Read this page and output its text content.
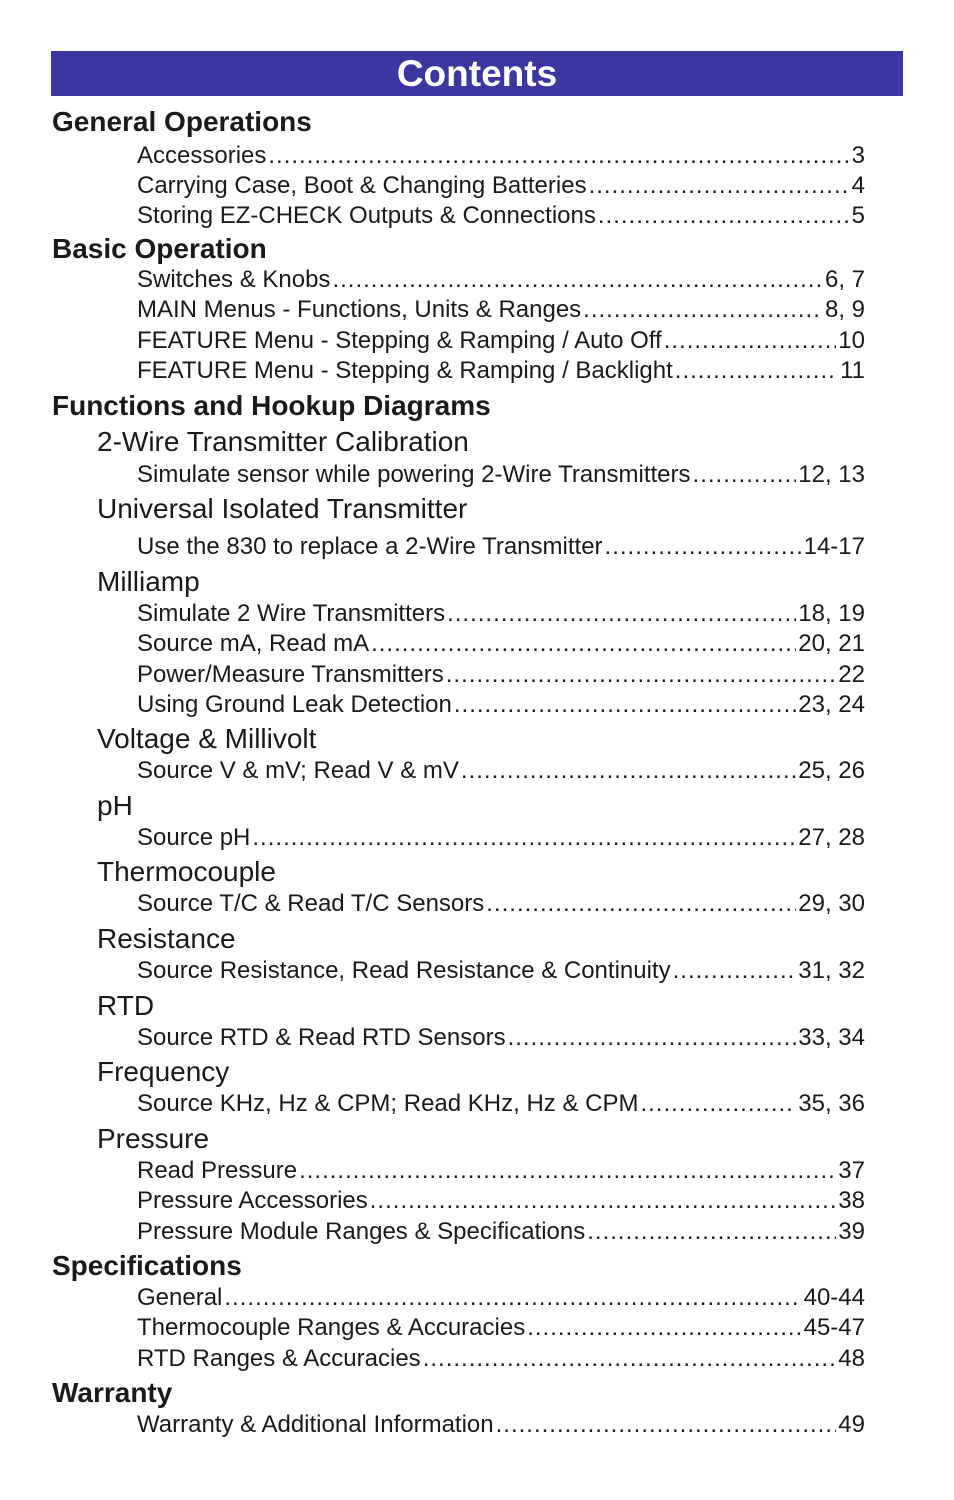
Contents
General Operations
Accessories .....	3
Carrying Case, Boot & Changing Batteries .....	4
Storing EZ-CHECK Outputs & Connections .....	5
Basic Operation
Switches & Knobs .....	6, 7
MAIN Menus - Functions, Units & Ranges .....	8, 9
FEATURE Menu - Stepping & Ramping / Auto Off .....	10
FEATURE Menu - Stepping & Ramping / Backlight .....	11
Functions and Hookup Diagrams
2-Wire Transmitter Calibration
Simulate sensor while powering 2-Wire Transmitters .....	12, 13
Universal Isolated Transmitter
Use the 830 to replace a 2-Wire Transmitter .....	14-17
Milliamp
Simulate 2 Wire Transmitters .....	18, 19
Source mA, Read mA .....	20, 21
Power/Measure Transmitters .....	22
Using Ground Leak Detection .....	23, 24
Voltage & Millivolt
Source V & mV; Read V & mV .....	25, 26
pH
Source pH .....	27, 28
Thermocouple
Source T/C & Read T/C Sensors .....	29, 30
Resistance
Source Resistance, Read Resistance & Continuity .....	31, 32
RTD
Source RTD & Read RTD Sensors .....	33, 34
Frequency
Source KHz, Hz & CPM; Read KHz, Hz & CPM .....	35, 36
Pressure
Read Pressure .....	37
Pressure Accessories .....	38
Pressure Module Ranges & Specifications .....	39
Specifications
General .....	40-44
Thermocouple Ranges & Accuracies .....	45-47
RTD Ranges & Accuracies .....	48
Warranty
Warranty & Additional Information .....	49
